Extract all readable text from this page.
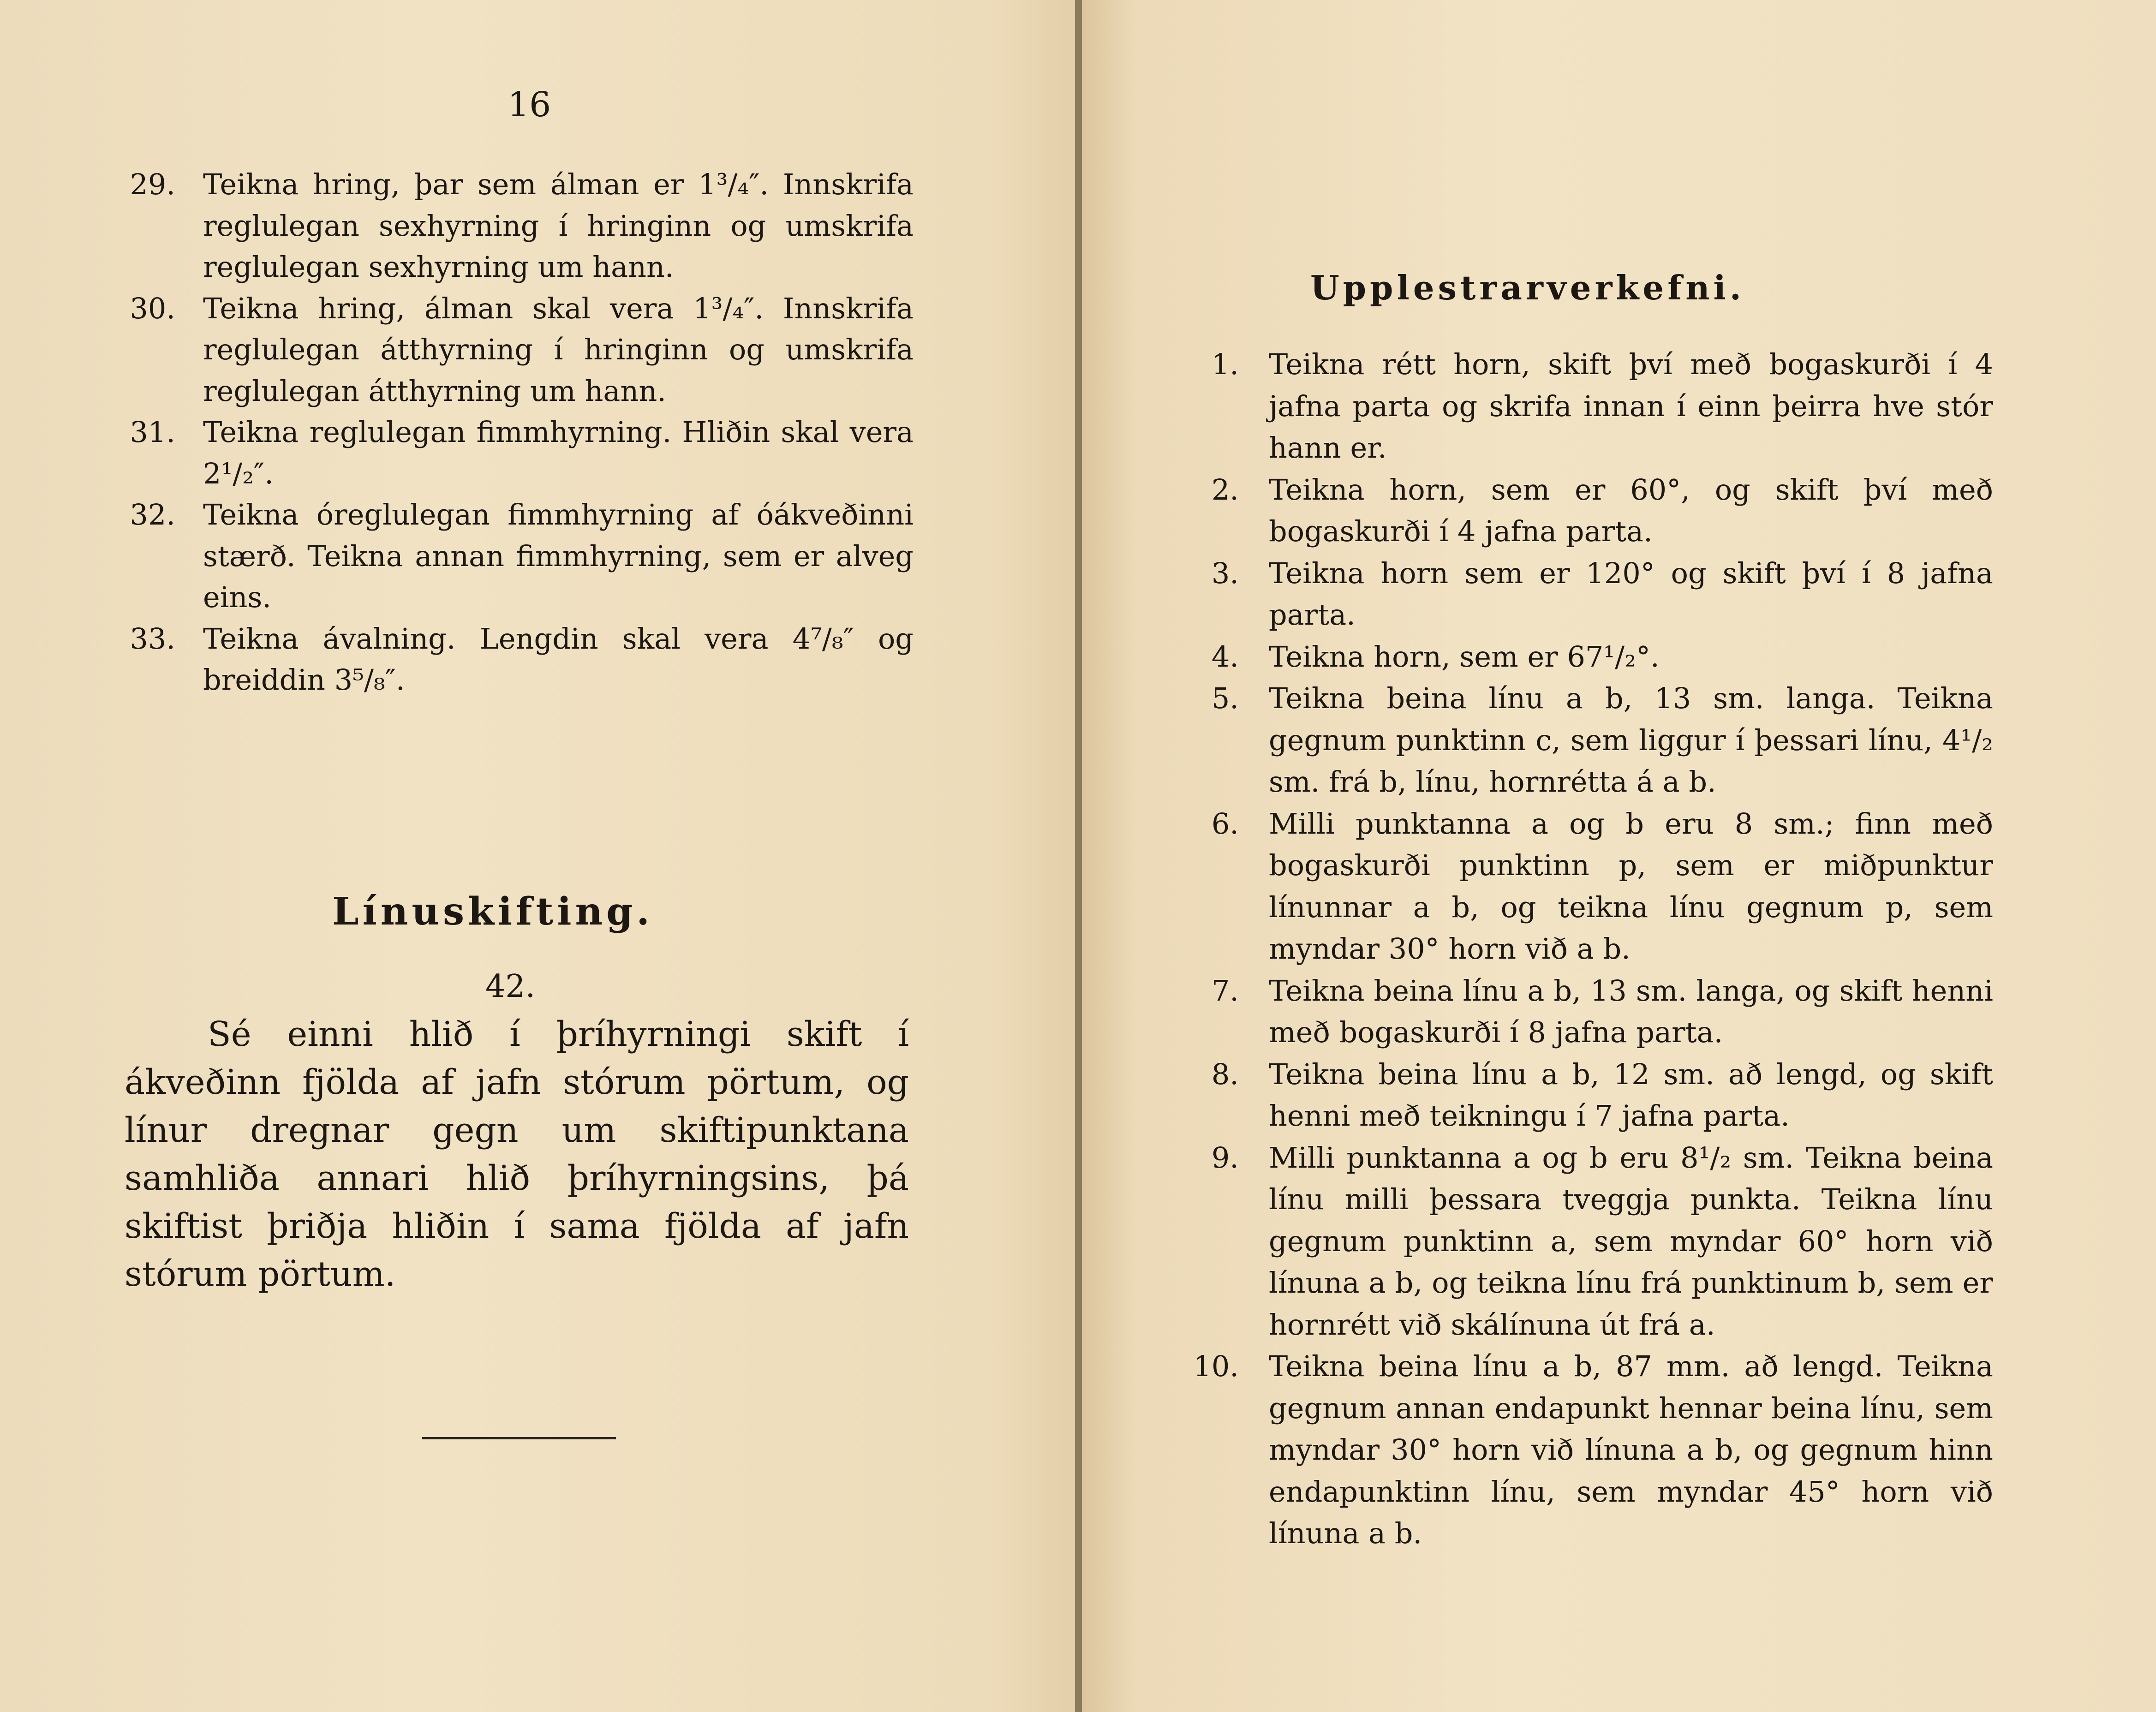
16
29. Teikna hring, þar sem álman er 1³/₄″. Innskrifa reglulegan sexhyrning í hringinn og umskrifa reglulegan sexhyrning um hann.
30. Teikna hring, álman skal vera 1³/₄″. Innskrifa reglulegan átthyrning í hringinn og umskrifa reglulegan átthyrning um hann.
31. Teikna reglulegan fimmhyrning. Hliðin skal vera 2¹/₂″.
32. Teikna óreglulegan fimmhyrning af óákveðinni stærð. Teikna annan fimmhyrning, sem er alveg eins.
33. Teikna ávalning. Lengdin skal vera 4⁷/₈″ og breiddin 3⁵/₈″.
Línuskifting.
42.

Sé einni hlið í þríhyrningi skift í ákveðinn fjölda af jafn stórum pörtum, og línur dregnar gegn um skiftipunktana samhliða annari hlið þríhyrningsins, þá skiftist þriðja hliðin í sama fjölda af jafn stórum pörtum.

Upplestrarverkefni.
1. Teikna rétt horn, skift því með bogaskurði í 4 jafna parta og skrifa innan í einn þeirra hve stór hann er.
2. Teikna horn, sem er 60°, og skift því með bogaskurði í 4 jafna parta.
3. Teikna horn sem er 120° og skift því í 8 jafna parta.
4. Teikna horn, sem er 67¹/₂°.
5. Teikna beina línu a b, 13 sm. langa. Teikna gegnum punktinn c, sem liggur í þessari línu, 4¹/₂ sm. frá b, línu, hornrétta á a b.
6. Milli punktanna a og b eru 8 sm.; finn með bogaskurði punktinn p, sem er miðpunktur línunnar a b, og teikna línu gegnum p, sem myndar 30° horn við a b.
7. Teikna beina línu a b, 13 sm. langa, og skift henni með bogaskurði í 8 jafna parta.
8. Teikna beina línu a b, 12 sm. að lengd, og skift henni með teikningu í 7 jafna parta.
9. Milli punktanna a og b eru 8¹/₂ sm. Teikna beina línu milli þessara tveggja punkta. Teikna línu gegnum punktinn a, sem myndar 60° horn við línuna a b, og teikna línu frá punktinum b, sem er hornrétt við skálínuna út frá a.
10. Teikna beina línu a b, 87 mm. að lengd. Teikna gegnum annan endapunkt hennar beina línu, sem myndar 30° horn við línuna a b, og gegnum hinn endapunktinn línu, sem myndar 45° horn við línuna a b.
